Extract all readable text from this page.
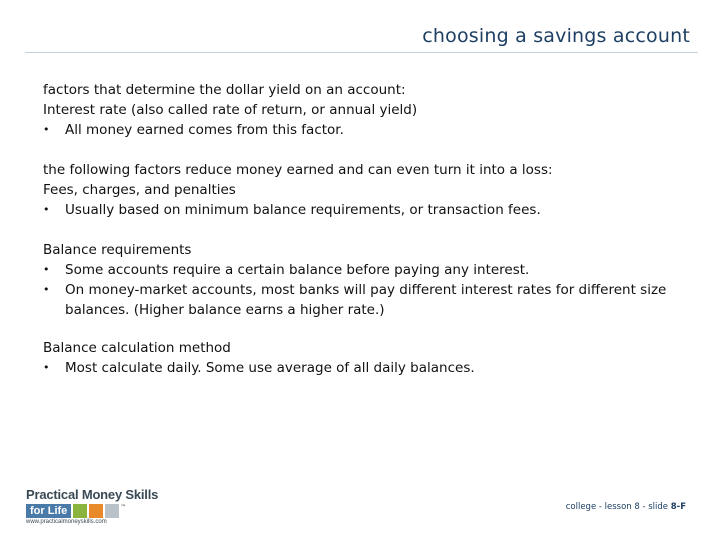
choosing a savings account
factors that determine the dollar yield on an account:
Interest rate (also called rate of return, or annual yield)
•	All money earned comes from this factor.
the following factors reduce money earned and can even turn it into a loss:
Fees, charges, and penalties
•	Usually based on minimum balance requirements, or transaction fees.
Balance requirements
•	Some accounts require a certain balance before paying any interest.
•	On money-market accounts, most banks will pay different interest rates for different size balances. (Higher balance earns a higher rate.)
Balance calculation method
•	Most calculate daily. Some use average of all daily balances.
Practical Money Skills
for Life	™
www.practicalmoneyskills.com
college - lesson 8 - slide 8-F
